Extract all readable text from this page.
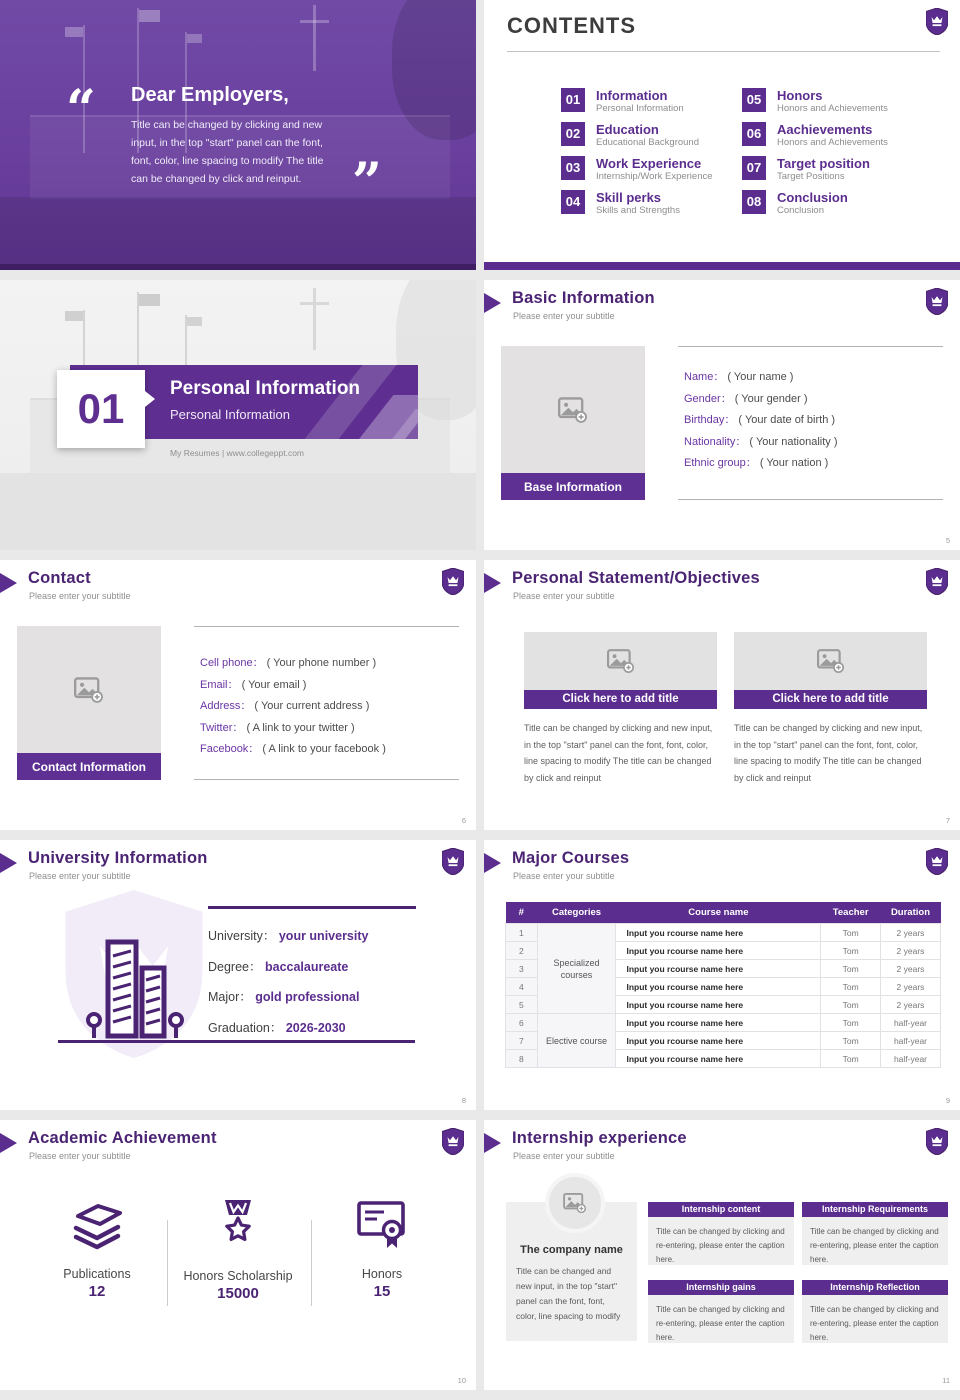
“ Dear Employers,
Title can be changed by clicking and new input, in the top "start" panel can the font, font, color, line spacing to modify The title can be changed by click and reinput. ”
CONTENTS
01	Information
Personal Information
02	Education
Educational Background
03	Work Experience
Internship/Work Experience
04	Skill perks
Skills and Strengths
05	Honors
Honors and Achievements
06	Aachievements
Honors and Achievements
07	Target position
Target Positions
08	Conclusion
Conclusion
01 Personal Information
Personal Information
My Resumes | www.collegeppt.com
Basic Information
Please enter your subtitle
Base Information
Name： ( Your name )
Gender： ( Your gender )
Birthday： ( Your date of birth )
Nationality： ( Your nationality )
Ethnic group： ( Your nation )
5
Contact
Please enter your subtitle
Contact Information
Cell phone： ( Your phone number )
Email： ( Your email )
Address： ( Your current address )
Twitter： ( A link to your twitter )
Facebook： ( A link to your facebook )
6
Personal Statement/Objectives
Please enter your subtitle
Click here to add title
Title can be changed by clicking and new input, in the top "start" panel can the font, font, color, line spacing to modify The title can be changed by click and reinput
Click here to add title
Title can be changed by clicking and new input, in the top "start" panel can the font, font, color, line spacing to modify The title can be changed by click and reinput
7
University Information
Please enter your subtitle
University： your university
Degree： baccalaureate
Major： gold professional
Graduation： 2026-2030
8
Major Courses
Please enter your subtitle
#	Categories	Course name	Teacher	Duration
1	Specialized courses	Input you rcourse name here	Tom	2 years
2		Input you rcourse name here	Tom	2 years
3		Input you rcourse name here	Tom	2 years
4		Input you rcourse name here	Tom	2 years
5		Input you rcourse name here	Tom	2 years
6	Elective course	Input you rcourse name here	Tom	half-year
7		Input you rcourse name here	Tom	half-year
8		Input you rcourse name here	Tom	half-year
9
Academic Achievement
Please enter your subtitle
Publications
12
Honors Scholarship
15000
Honors
15
10
Internship experience
Please enter your subtitle
The company name
Title can be changed and new input, in the top "start" panel can the font, font, color, line spacing to modify
Internship content
Title can be changed by clicking and re-entering, please enter the caption here.
Internship Requirements
Title can be changed by clicking and re-entering, please enter the caption here.
Internship gains
Title can be changed by clicking and re-entering, please enter the caption here.
Internship Reflection
Title can be changed by clicking and re-entering, please enter the caption here.
11
